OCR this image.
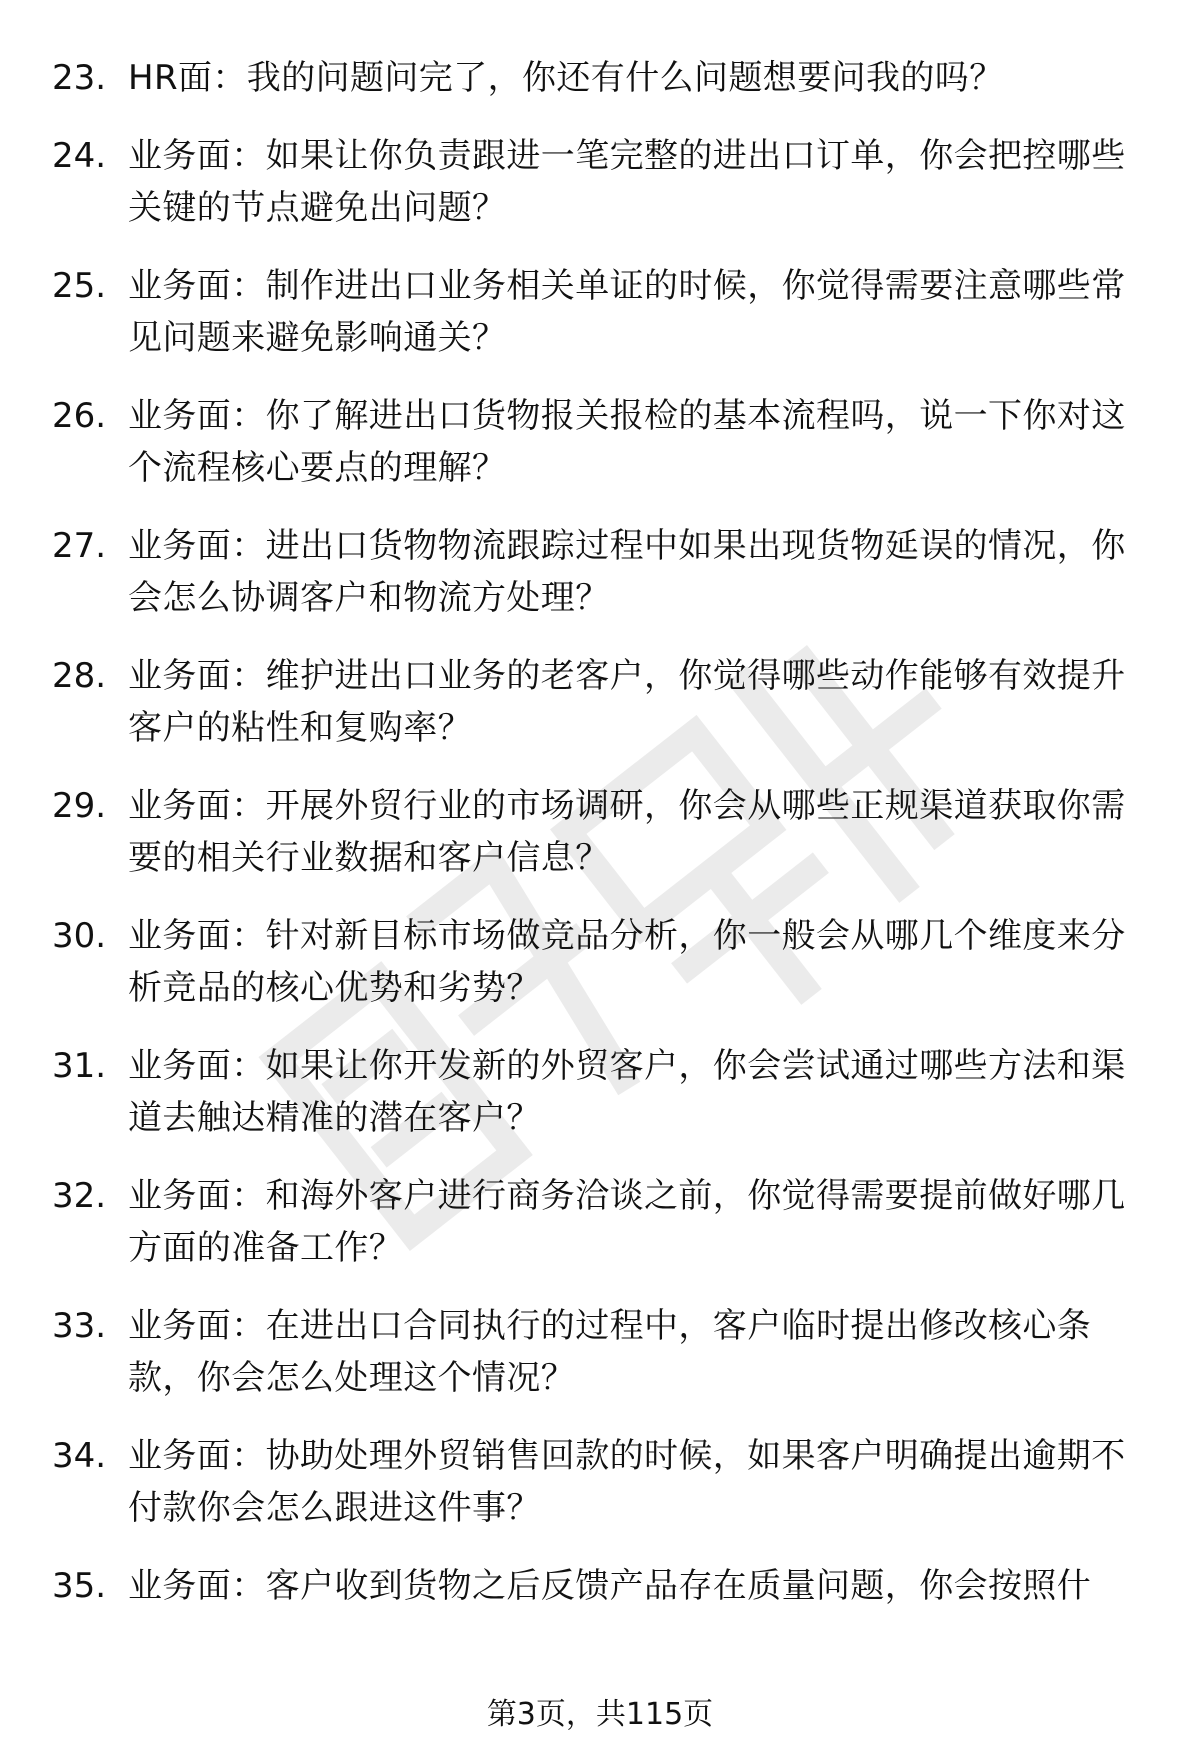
23. HR面：我的问题问完了，你还有什么问题想要问我的吗？
24. 业务面：如果让你负责跟进一笔完整的进出口订单，你会把控哪些关键的节点避免出问题？
25. 业务面：制作进出口业务相关单证的时候，你觉得需要注意哪些常见问题来避免影响通关？
26. 业务面：你了解进出口货物报关报检的基本流程吗，说一下你对这个流程核心要点的理解？
27. 业务面：进出口货物物流跟踪过程中如果出现货物延误的情况，你会怎么协调客户和物流方处理？
28. 业务面：维护进出口业务的老客户，你觉得哪些动作能够有效提升客户的粘性和复购率？
29. 业务面：开展外贸行业的市场调研，你会从哪些正规渠道获取你需要的相关行业数据和客户信息？
30. 业务面：针对新目标市场做竞品分析，你一般会从哪几个维度来分析竞品的核心优势和劣势？
31. 业务面：如果让你开发新的外贸客户，你会尝试通过哪些方法和渠道去触达精准的潜在客户？
32. 业务面：和海外客户进行商务洽谈之前，你觉得需要提前做好哪几方面的准备工作？
33. 业务面：在进出口合同执行的过程中，客户临时提出修改核心条款，你会怎么处理这个情况？
34. 业务面：协助处理外贸销售回款的时候，如果客户明确提出逾期不付款你会怎么跟进这件事？
35. 业务面：客户收到货物之后反馈产品存在质量问题，你会按照什
第3页，共115页
